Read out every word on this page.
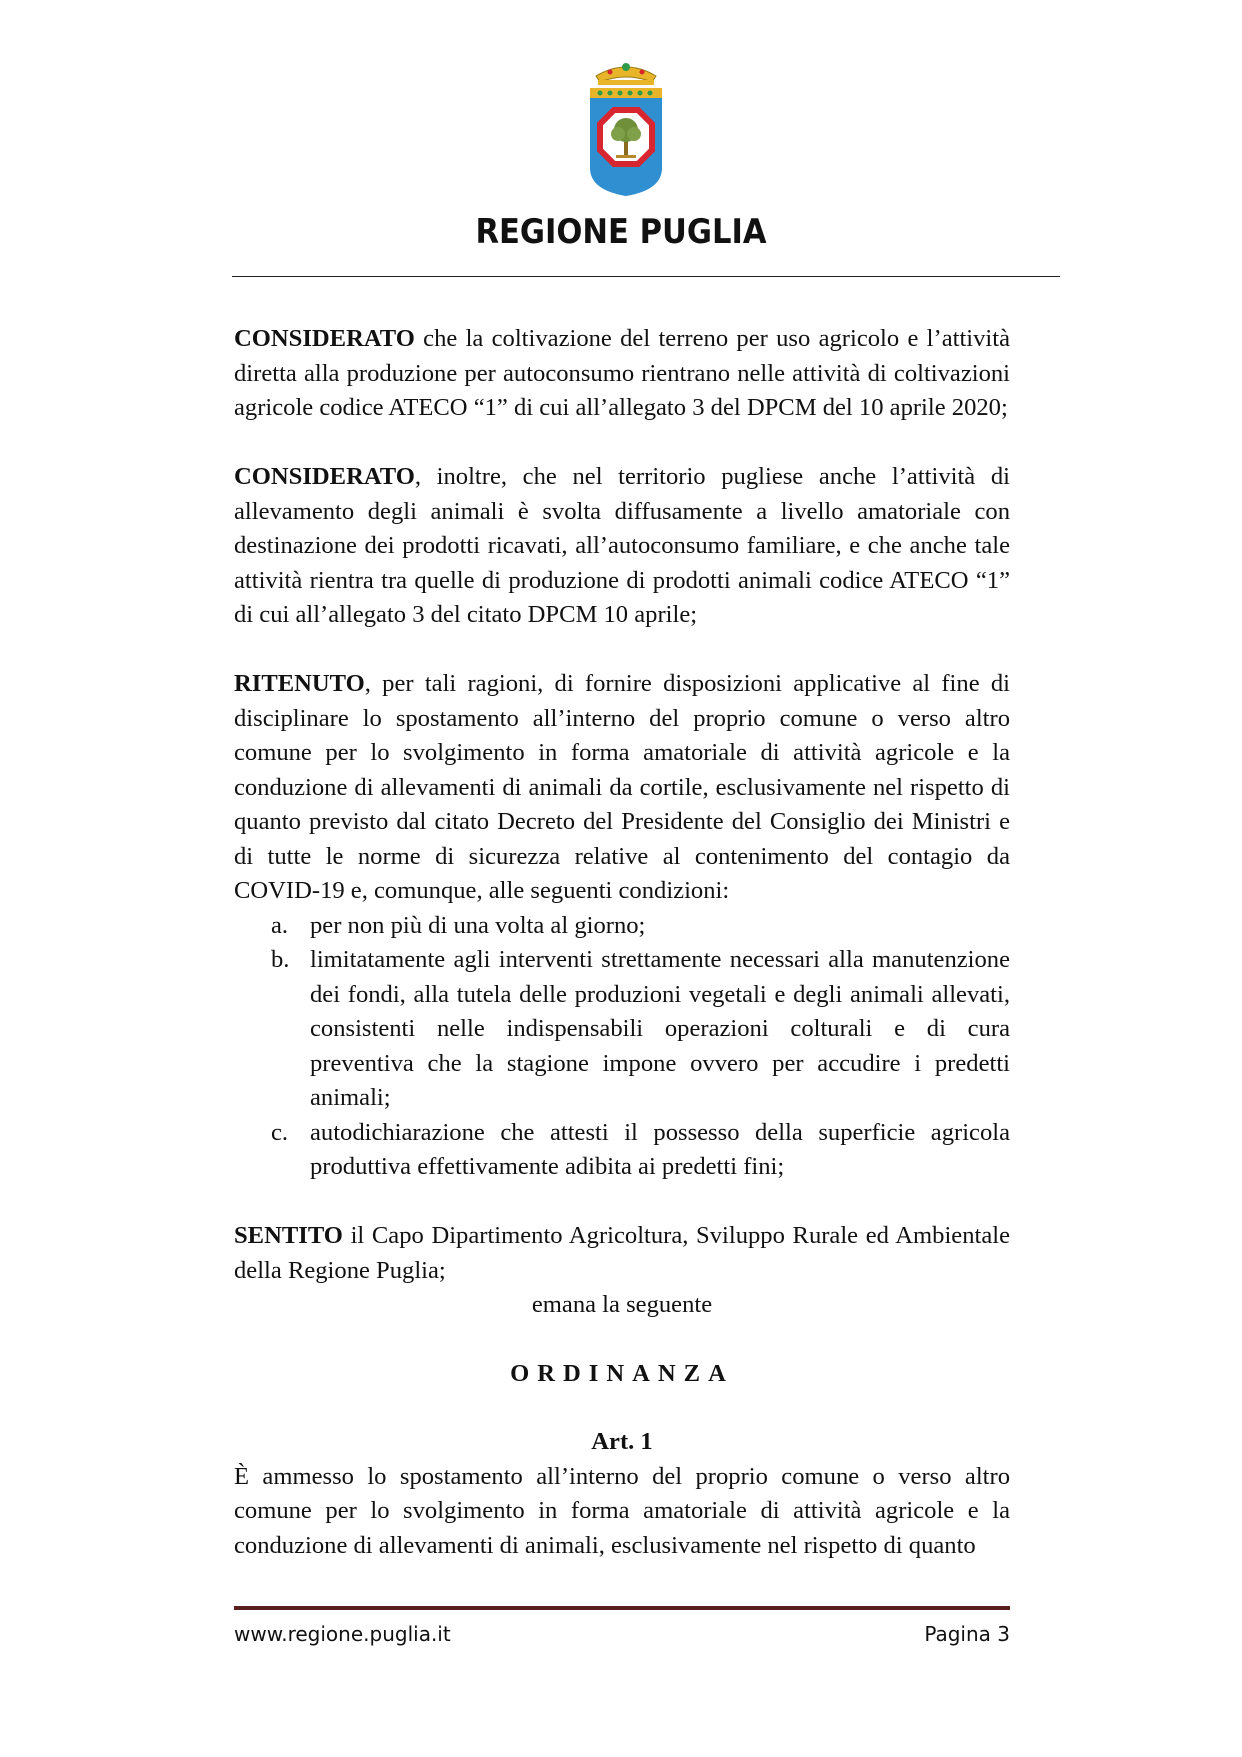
REGIONE PUGLIA

CONSIDERATO che la coltivazione del terreno per uso agricolo e l’attività diretta alla produzione per autoconsumo rientrano nelle attività di coltivazioni agricole codice ATECO “1” di cui all’allegato 3 del DPCM del 10 aprile 2020;

CONSIDERATO, inoltre, che nel territorio pugliese anche l’attività di allevamento degli animali è svolta diffusamente a livello amatoriale con destinazione dei prodotti ricavati, all’autoconsumo familiare, e che anche tale attività rientra tra quelle di produzione di prodotti animali codice ATECO “1” di cui all’allegato 3 del citato DPCM 10 aprile;

RITENUTO, per tali ragioni, di fornire disposizioni applicative al fine di disciplinare lo spostamento all’interno del proprio comune o verso altro comune per lo svolgimento in forma amatoriale di attività agricole e la conduzione di allevamenti di animali da cortile, esclusivamente nel rispetto di quanto previsto dal citato Decreto del Presidente del Consiglio dei Ministri e di tutte le norme di sicurezza relative al contenimento del contagio da COVID-19 e, comunque, alle seguenti condizioni:

a. per non più di una volta al giorno;
b. limitatamente agli interventi strettamente necessari alla manutenzione dei fondi, alla tutela delle produzioni vegetali e degli animali allevati, consistenti nelle indispensabili operazioni colturali e di cura preventiva che la stagione impone ovvero per accudire i predetti animali;
c. autodichiarazione che attesti il possesso della superficie agricola produttiva effettivamente adibita ai predetti fini;

SENTITO il Capo Dipartimento Agricoltura, Sviluppo Rurale ed Ambientale della Regione Puglia;

emana la seguente

ORDINANZA

Art. 1

È ammesso lo spostamento all’interno del proprio comune o verso altro comune per lo svolgimento in forma amatoriale di attività agricole e la conduzione di allevamenti di animali, esclusivamente nel rispetto di quanto

www.regione.puglia.it	Pagina 3
